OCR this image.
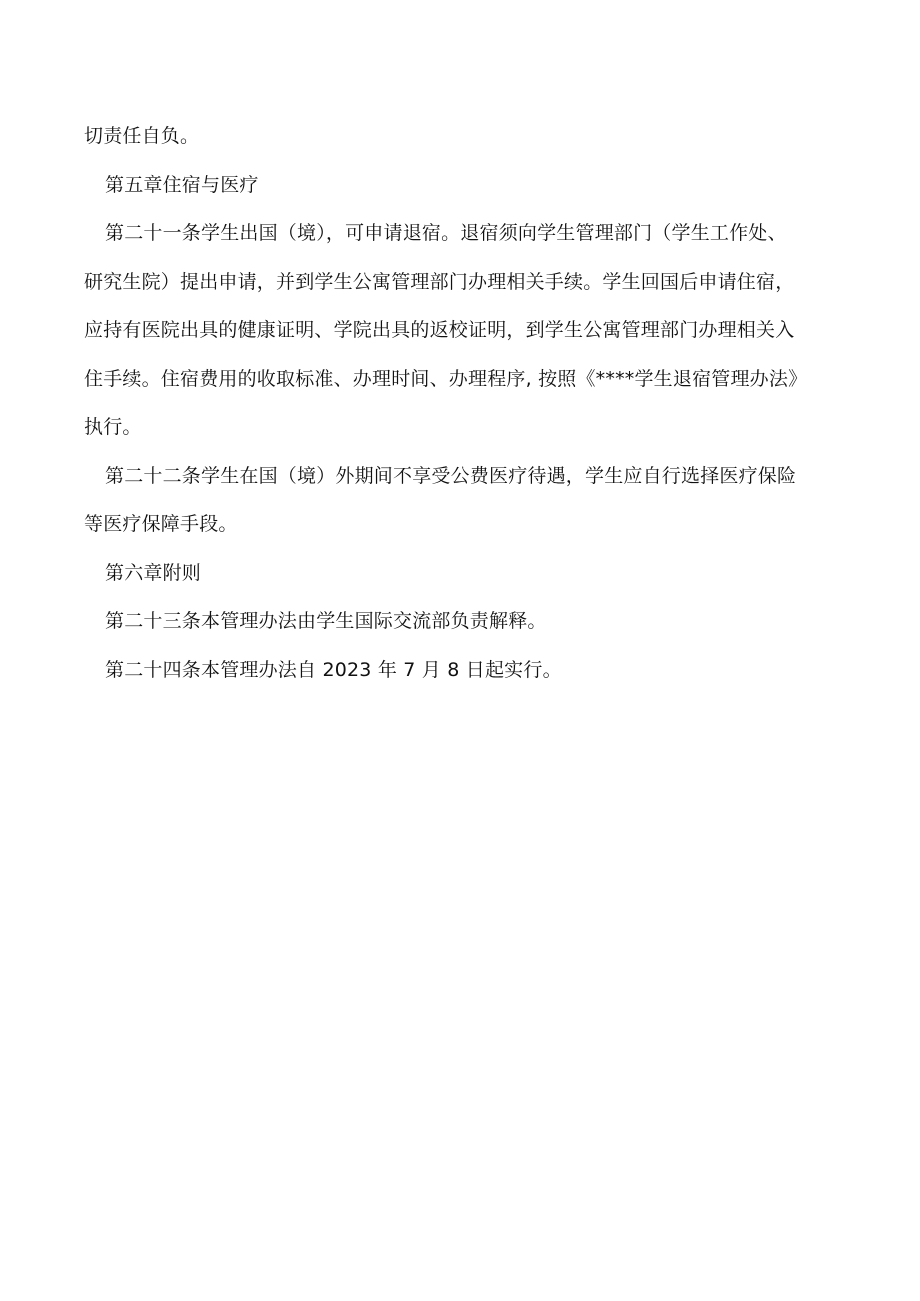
切责任自负。
第五章住宿与医疗
第二十一条学生出国（境），可申请退宿。退宿须向学生管理部门（学生工作处、
研究生院）提出申请，并到学生公寓管理部门办理相关手续。学生回国后申请住宿，
应持有医院出具的健康证明、学院出具的返校证明，到学生公寓管理部门办理相关入
住手续。住宿费用的收取标准、办理时间、办理程序, 按照《****学生退宿管理办法》
执行。
第二十二条学生在国（境）外期间不享受公费医疗待遇，学生应自行选择医疗保险
等医疗保障手段。
第六章附则
第二十三条本管理办法由学生国际交流部负责解释。
第二十四条本管理办法自 2023 年 7 月 8 日起实行。
